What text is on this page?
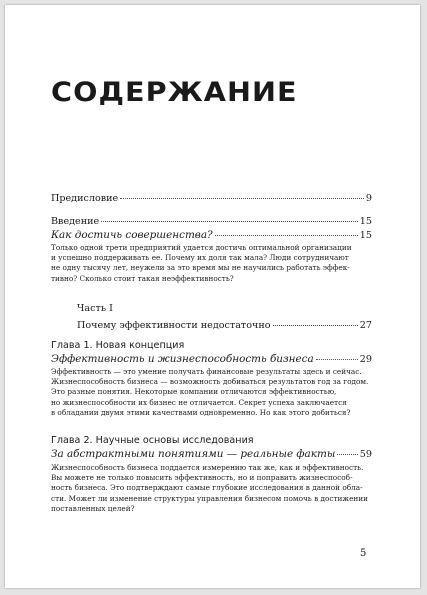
СОДЕРЖАНИЕ
Предисловие	9
Введение	15
Как достичь совершенства?	15
Только одной трети предприятий удается достичь оптимальной организации
и успешно поддерживать ее. Почему их доля так мала? Люди сотрудничают
не одну тысячу лет, неужели за это время мы не научились работать эффек-
тивно? Сколько стоит такая неэффективность?
Часть I
Почему эффективности недостаточно	27
Глава 1. Новая концепция
Эффективность и жизнеспособность бизнеса	29
Эффективность — это умение получать финансовые результаты здесь и сейчас.
Жизнеспособность бизнеса — возможность добиваться результатов год за годом.
Это разные понятия. Некоторые компании отличаются эффективностью,
но жизнеспособности их бизнес не отличается. Секрет успеха заключается
в обладании двумя этими качествами одновременно. Но как этого добиться?
Глава 2. Научные основы исследования
За абстрактными понятиями — реальные факты	59
Жизнеспособность бизнеса поддается измерению так же, как и эффективность.
Вы можете не только повысить эффективность, но и поправить жизнеспособ-
ность бизнеса. Это подтверждают самые глубокие исследования в данной обла-
сти. Может ли изменение структуры управления бизнесом помочь в достижении
поставленных целей?
5
